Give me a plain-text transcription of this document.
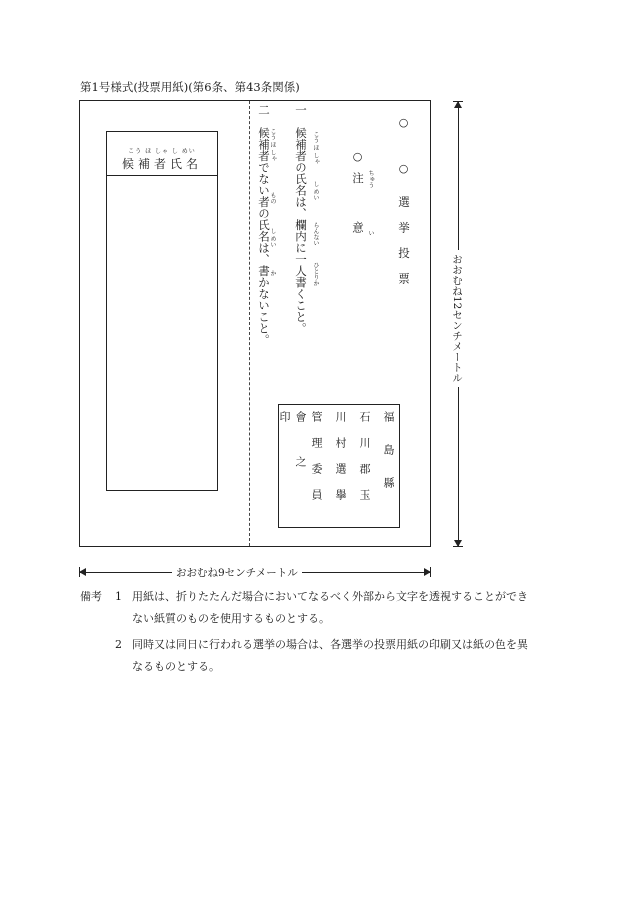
第1号様式(投票用紙)(第6条、第43条関係)
こう ほ しゃ し めい
候補者氏名	二　候補者でない者の氏名は、書かないこと。
こう ほ しゃ
もの
し めい
か 一　候補者の氏名は、欄内に一人書くこと。 こう ほ しゃ
し めい
らんない
ひとりか
○
注意 ちゅう
い
○
○
選挙投票
福島縣
石川郡玉
川村選擧
管理委員
會之印
おおむね12センチメートル
おおむね9センチメートル
備考 1 用紙は、折りたたんだ場合においてなるべく外部から文字を透視することができ
ない紙質のものを使用するものとする。
2 同時又は同日に行われる選挙の場合は、各選挙の投票用紙の印刷又は紙の色を異
なるものとする。
